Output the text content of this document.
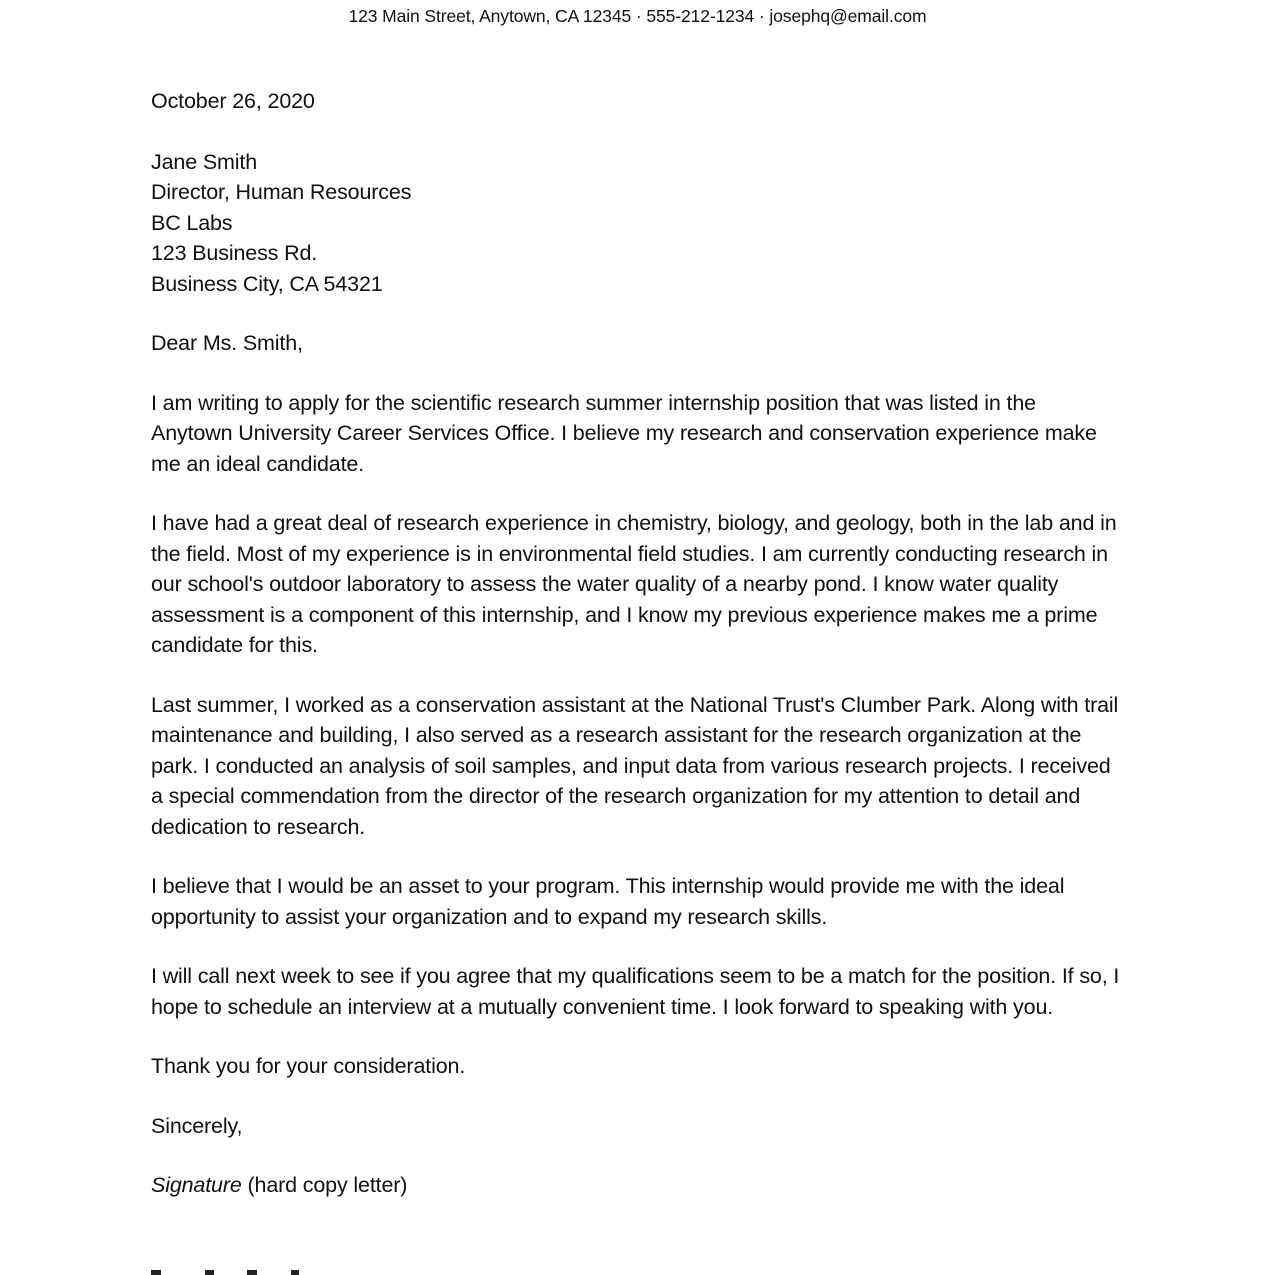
123 Main Street, Anytown, CA 12345 · 555-212-1234 · josephq@email.com

October 26, 2020

Jane Smith
Director, Human Resources
BC Labs
123 Business Rd.
Business City, CA 54321

Dear Ms. Smith,

I am writing to apply for the scientific research summer internship position that was listed in the Anytown University Career Services Office. I believe my research and conservation experience make me an ideal candidate.

I have had a great deal of research experience in chemistry, biology, and geology, both in the lab and in the field. Most of my experience is in environmental field studies. I am currently conducting research in our school's outdoor laboratory to assess the water quality of a nearby pond. I know water quality assessment is a component of this internship, and I know my previous experience makes me a prime candidate for this.

Last summer, I worked as a conservation assistant at the National Trust's Clumber Park. Along with trail maintenance and building, I also served as a research assistant for the research organization at the park. I conducted an analysis of soil samples, and input data from various research projects. I received a special commendation from the director of the research organization for my attention to detail and dedication to research.

I believe that I would be an asset to your program. This internship would provide me with the ideal opportunity to assist your organization and to expand my research skills.

I will call next week to see if you agree that my qualifications seem to be a match for the position. If so, I hope to schedule an interview at a mutually convenient time. I look forward to speaking with you.

Thank you for your consideration.

Sincerely,

Signature (hard copy letter)
